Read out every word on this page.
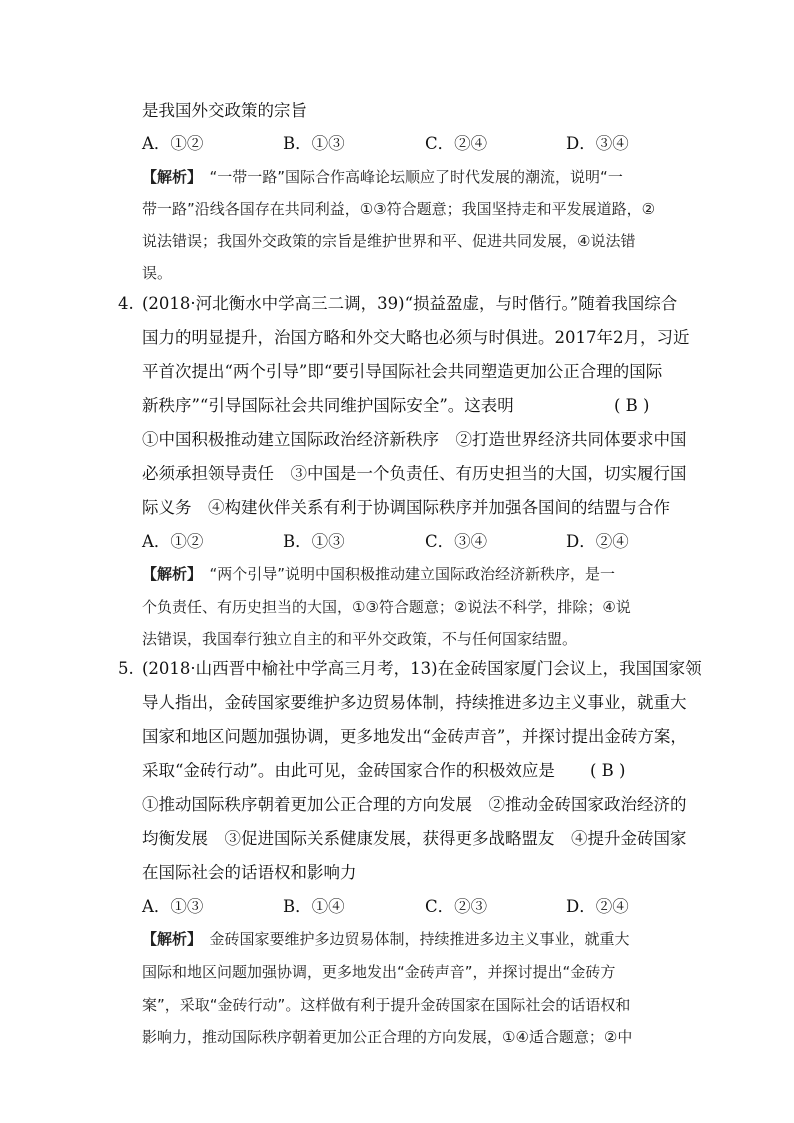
是我国外交政策的宗旨
A．①②	B．①③	C．②④	D．③④
【解析】　“一带一路”国际合作高峰论坛顺应了时代发展的潮流，说明“一
带一路”沿线各国存在共同利益，①③符合题意；我国坚持走和平发展道路，②
说法错误；我国外交政策的宗旨是维护世界和平、促进共同发展，④说法错
误。
4. (2018·河北衡水中学高三二调，39)“损益盈虚，与时偕行。”随着我国综合
国力的明显提升，治国方略和外交大略也必须与时俱进。2017年2月，习近
平首次提出“两个引导”即“要引导国际社会共同塑造更加公正合理的国际
新秩序”“引导国际社会共同维护国际安全”。这表明	( B )
①中国积极推动建立国际政治经济新秩序　②打造世界经济共同体要求中国
必须承担领导责任　③中国是一个负责任、有历史担当的大国，切实履行国
际义务　④构建伙伴关系有利于协调国际秩序并加强各国间的结盟与合作
A．①②	B．①③	C．③④	D．②④
【解析】　“两个引导”说明中国积极推动建立国际政治经济新秩序，是一
个负责任、有历史担当的大国，①③符合题意；②说法不科学，排除；④说
法错误，我国奉行独立自主的和平外交政策，不与任何国家结盟。
5. (2018·山西晋中榆社中学高三月考，13)在金砖国家厦门会议上，我国国家领
导人指出，金砖国家要维护多边贸易体制，持续推进多边主义事业，就重大
国家和地区问题加强协调，更多地发出“金砖声音”，并探讨提出金砖方案，
采取“金砖行动”。由此可见，金砖国家合作的积极效应是 ( B )
①推动国际秩序朝着更加公正合理的方向发展　②推动金砖国家政治经济的
均衡发展　③促进国际关系健康发展，获得更多战略盟友　④提升金砖国家
在国际社会的话语权和影响力
A．①③	B．①④	C．②③	D．②④
【解析】　金砖国家要维护多边贸易体制，持续推进多边主义事业，就重大
国际和地区问题加强协调，更多地发出“金砖声音”，并探讨提出“金砖方
案”，采取“金砖行动”。这样做有利于提升金砖国家在国际社会的话语权和
影响力，推动国际秩序朝着更加公正合理的方向发展，①④适合题意；②中
